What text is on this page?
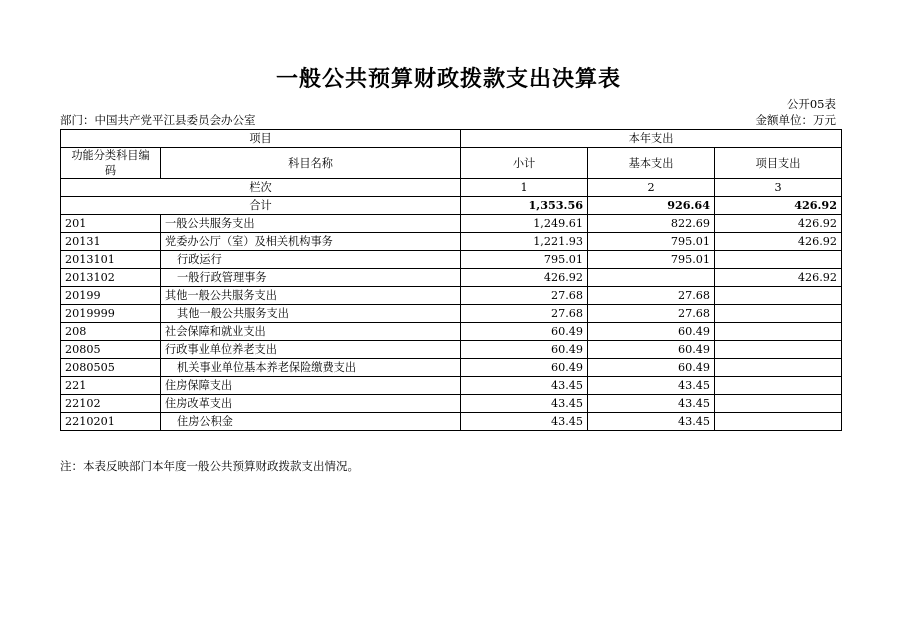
一般公共预算财政拨款支出决算表
公开05表
部门：中国共产党平江县委员会办公室	金额单位：万元
项目		本年支出		
功能分类科目编码	科目名称	小计	基本支出	项目支出
栏次		1	2	3
合计		1,353.56	926.64	426.92
201	一般公共服务支出	1,249.61	822.69	426.92
20131	党委办公厅（室）及相关机构事务	1,221.93	795.01	426.92
2013101	行政运行	795.01	795.01	
2013102	一般行政管理事务	426.92		426.92
20199	其他一般公共服务支出	27.68	27.68	
2019999	其他一般公共服务支出	27.68	27.68	
208	社会保障和就业支出	60.49	60.49	
20805	行政事业单位养老支出	60.49	60.49	
2080505	机关事业单位基本养老保险缴费支出	60.49	60.49	
221	住房保障支出	43.45	43.45	
22102	住房改革支出	43.45	43.45	
2210201	住房公积金	43.45	43.45	
注：本表反映部门本年度一般公共预算财政拨款支出情况。
